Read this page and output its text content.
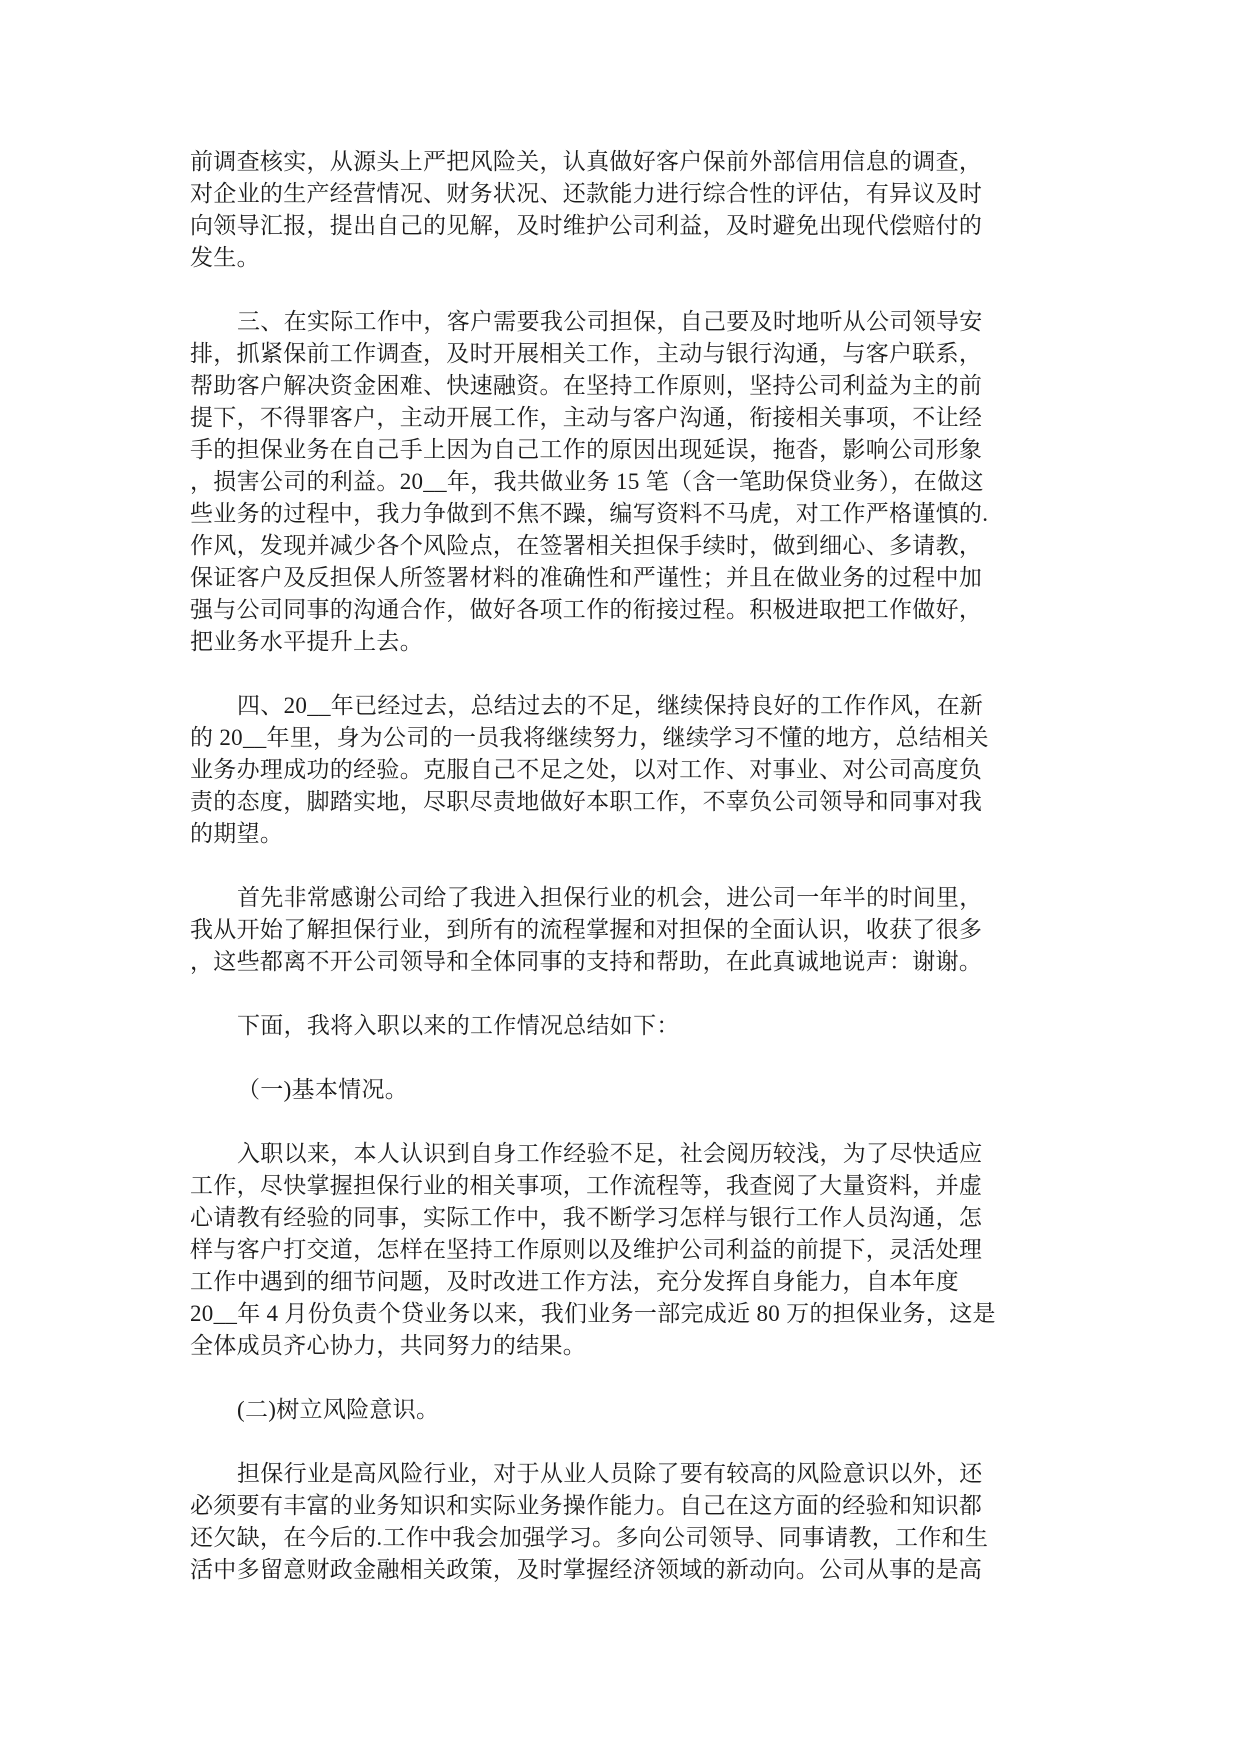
前调查核实，从源头上严把风险关，认真做好客户保前外部信用信息的调查，
对企业的生产经营情况、财务状况、还款能力进行综合性的评估，有异议及时
向领导汇报，提出自己的见解，及时维护公司利益，及时避免出现代偿赔付的
发生。
三、在实际工作中，客户需要我公司担保，自己要及时地听从公司领导安
排，抓紧保前工作调查，及时开展相关工作，主动与银行沟通，与客户联系，
帮助客户解决资金困难、快速融资。在坚持工作原则，坚持公司利益为主的前
提下，不得罪客户，主动开展工作，主动与客户沟通，衔接相关事项，不让经
手的担保业务在自己手上因为自己工作的原因出现延误，拖沓，影响公司形象
，损害公司的利益。20__年，我共做业务 15 笔（含一笔助保贷业务），在做这
些业务的过程中，我力争做到不焦不躁，编写资料不马虎，对工作严格谨慎的.
作风，发现并减少各个风险点，在签署相关担保手续时，做到细心、多请教，
保证客户及反担保人所签署材料的准确性和严谨性；并且在做业务的过程中加
强与公司同事的沟通合作，做好各项工作的衔接过程。积极进取把工作做好，
把业务水平提升上去。
四、20__年已经过去，总结过去的不足，继续保持良好的工作作风，在新
的 20__年里，身为公司的一员我将继续努力，继续学习不懂的地方，总结相关
业务办理成功的经验。克服自己不足之处，以对工作、对事业、对公司高度负
责的态度，脚踏实地，尽职尽责地做好本职工作，不辜负公司领导和同事对我
的期望。
首先非常感谢公司给了我进入担保行业的机会，进公司一年半的时间里，
我从开始了解担保行业，到所有的流程掌握和对担保的全面认识，收获了很多
，这些都离不开公司领导和全体同事的支持和帮助，在此真诚地说声：谢谢。
下面，我将入职以来的工作情况总结如下：
（一)基本情况。
入职以来，本人认识到自身工作经验不足，社会阅历较浅，为了尽快适应
工作，尽快掌握担保行业的相关事项，工作流程等，我查阅了大量资料，并虚
心请教有经验的同事，实际工作中，我不断学习怎样与银行工作人员沟通，怎
样与客户打交道，怎样在坚持工作原则以及维护公司利益的前提下，灵活处理
工作中遇到的细节问题，及时改进工作方法，充分发挥自身能力，自本年度
20__年 4 月份负责个贷业务以来，我们业务一部完成近 80 万的担保业务，这是
全体成员齐心协力，共同努力的结果。
(二)树立风险意识。
担保行业是高风险行业，对于从业人员除了要有较高的风险意识以外，还
必须要有丰富的业务知识和实际业务操作能力。自己在这方面的经验和知识都
还欠缺，在今后的.工作中我会加强学习。多向公司领导、同事请教，工作和生
活中多留意财政金融相关政策，及时掌握经济领域的新动向。公司从事的是高
